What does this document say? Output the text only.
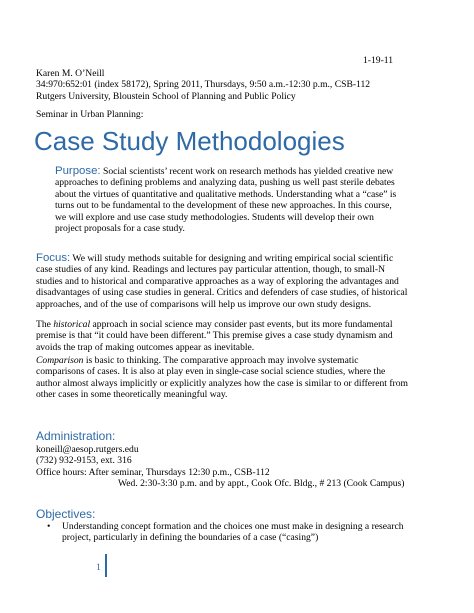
1-19-11

Karen M. O’Neill

34:970:652:01 (index 58172), Spring 2011, Thursdays, 9:50 a.m.-12:30 p.m., CSB-112

Rutgers University, Bloustein School of Planning and Public Policy

Seminar in Urban Planning:
Case Study Methodologies

Purpose: Social scientists’ recent work on research methods has yielded creative new

approaches to defining problems and analyzing data, pushing us well past sterile debates

about the virtues of quantitative and qualitative methods. Understanding what a “case” is

turns out to be fundamental to the development of these new approaches. In this course,

we will explore and use case study methodologies. Students will develop their own

project proposals for a case study.

Focus: We will study methods suitable for designing and writing empirical social scientific

case studies of any kind. Readings and lectures pay particular attention, though, to small-N

studies and to historical and comparative approaches as a way of exploring the advantages and

disadvantages of using case studies in general. Critics and defenders of case studies, of historical

approaches, and of the use of comparisons will help us improve our own study designs.

The historical approach in social science may consider past events, but its more fundamental

premise is that “it could have been different.” This premise gives a case study dynamism and

avoids the trap of making outcomes appear as inevitable.

Comparison is basic to thinking. The comparative approach may involve systematic

comparisons of cases. It is also at play even in single-case social science studies, where the

author almost always implicitly or explicitly analyzes how the case is similar to or different from

other cases in some theoretically meaningful way.

Administration:

koneill@aesop.rutgers.edu

(732) 932-9153, ext. 316

Office hours: After seminar, Thursdays 12:30 p.m., CSB-112

Wed. 2:30-3:30 p.m. and by appt., Cook Ofc. Bldg., # 213 (Cook Campus)

Objectives:
• Understanding concept formation and the choices one must make in designing a research

project, particularly in defining the boundaries of a case (“casing”)

1
